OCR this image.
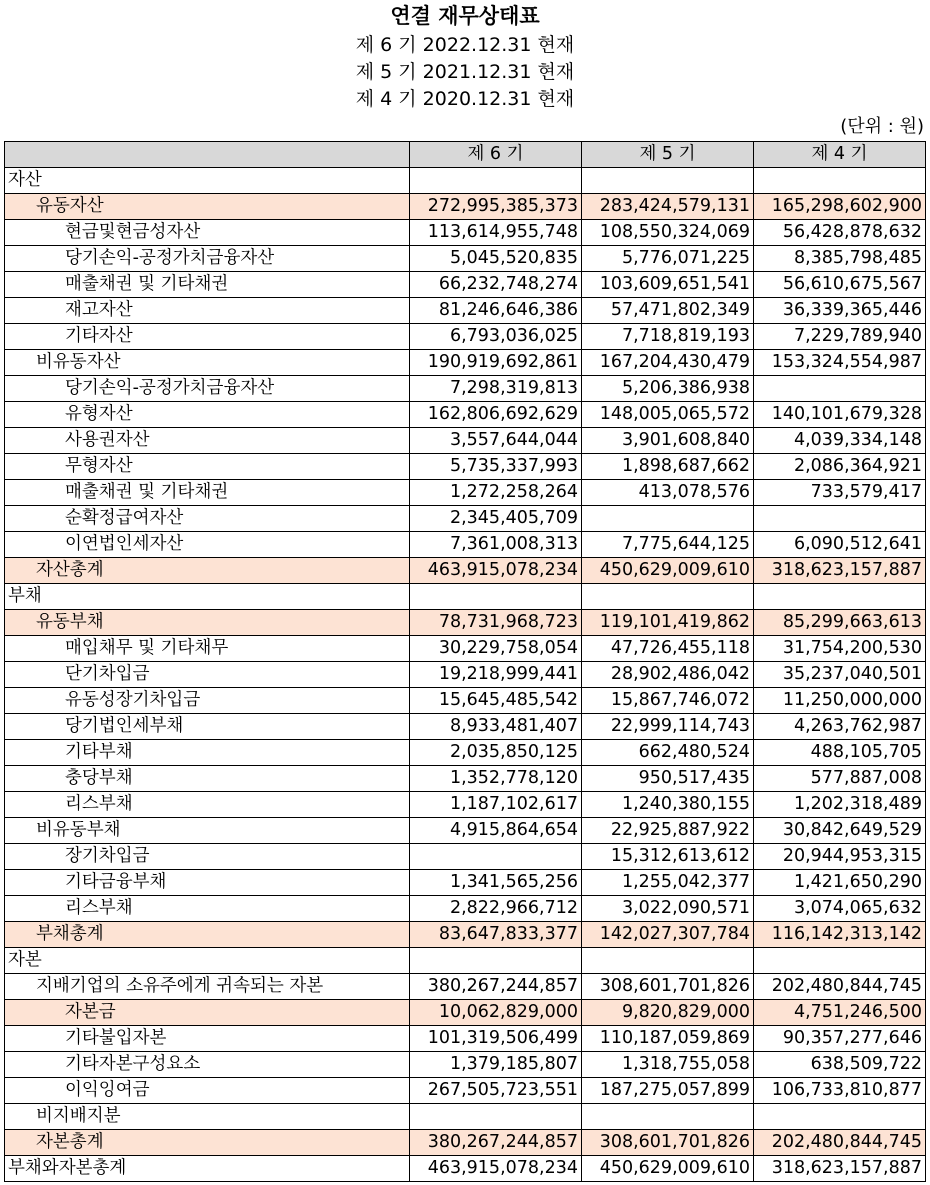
연결 재무상태표
제 6 기 2022.12.31 현재
제 5 기 2021.12.31 현재
제 4 기 2020.12.31 현재
(단위 : 원)
	제 6 기	제 5 기	제 4 기
자산			
유동자산	272,995,385,373	283,424,579,131	165,298,602,900
현금및현금성자산	113,614,955,748	108,550,324,069	56,428,878,632
당기손익-공정가치금융자산	5,045,520,835	5,776,071,225	8,385,798,485
매출채권 및 기타채권	66,232,748,274	103,609,651,541	56,610,675,567
재고자산	81,246,646,386	57,471,802,349	36,339,365,446
기타자산	6,793,036,025	7,718,819,193	7,229,789,940
비유동자산	190,919,692,861	167,204,430,479	153,324,554,987
당기손익-공정가치금융자산	7,298,319,813	5,206,386,938	
유형자산	162,806,692,629	148,005,065,572	140,101,679,328
사용권자산	3,557,644,044	3,901,608,840	4,039,334,148
무형자산	5,735,337,993	1,898,687,662	2,086,364,921
매출채권 및 기타채권	1,272,258,264	413,078,576	733,579,417
순확정급여자산	2,345,405,709		
이연법인세자산	7,361,008,313	7,775,644,125	6,090,512,641
자산총계	463,915,078,234	450,629,009,610	318,623,157,887
부채			
유동부채	78,731,968,723	119,101,419,862	85,299,663,613
매입채무 및 기타채무	30,229,758,054	47,726,455,118	31,754,200,530
단기차입금	19,218,999,441	28,902,486,042	35,237,040,501
유동성장기차입금	15,645,485,542	15,867,746,072	11,250,000,000
당기법인세부채	8,933,481,407	22,999,114,743	4,263,762,987
기타부채	2,035,850,125	662,480,524	488,105,705
충당부채	1,352,778,120	950,517,435	577,887,008
리스부채	1,187,102,617	1,240,380,155	1,202,318,489
비유동부채	4,915,864,654	22,925,887,922	30,842,649,529
장기차입금		15,312,613,612	20,944,953,315
기타금융부채	1,341,565,256	1,255,042,377	1,421,650,290
리스부채	2,822,966,712	3,022,090,571	3,074,065,632
부채총계	83,647,833,377	142,027,307,784	116,142,313,142
자본			
지배기업의 소유주에게 귀속되는 자본	380,267,244,857	308,601,701,826	202,480,844,745
자본금	10,062,829,000	9,820,829,000	4,751,246,500
기타불입자본	101,319,506,499	110,187,059,869	90,357,277,646
기타자본구성요소	1,379,185,807	1,318,755,058	638,509,722
이익잉여금	267,505,723,551	187,275,057,899	106,733,810,877
비지배지분			
자본총계	380,267,244,857	308,601,701,826	202,480,844,745
부채와자본총계	463,915,078,234	450,629,009,610	318,623,157,887
